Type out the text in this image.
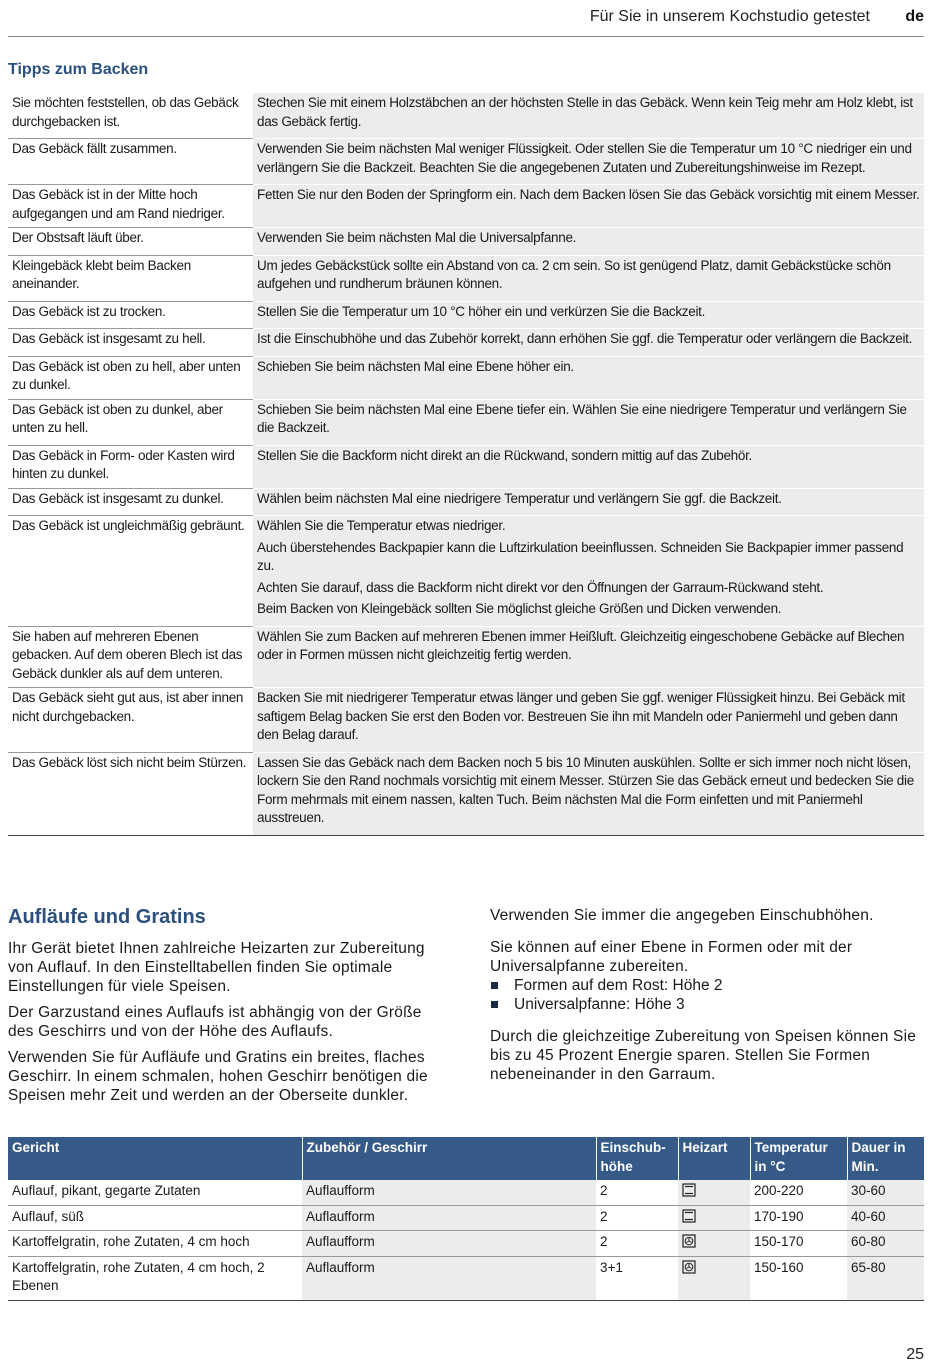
Für Sie in unserem Kochstudio getestet de
Tipps zum Backen
Sie möchten feststellen, ob das Gebäck durchgebacken ist.	Stechen Sie mit einem Holzstäbchen an der höchsten Stelle in das Gebäck. Wenn kein Teig mehr am Holz klebt, ist das Gebäck fertig.

Das Gebäck fällt zusammen.	Verwenden Sie beim nächsten Mal weniger Flüssigkeit. Oder stellen Sie die Temperatur um 10 °C niedriger ein und verlängern Sie die Backzeit. Beachten Sie die angegebenen Zutaten und Zubereitungshinweise im Rezept.

Das Gebäck ist in der Mitte hoch aufgegangen und am Rand niedriger.	Fetten Sie nur den Boden der Springform ein. Nach dem Backen lösen Sie das Gebäck vorsichtig mit einem Messer.

Der Obstsaft läuft über.	Verwenden Sie beim nächsten Mal die Universalpfanne.

Kleingebäck klebt beim Backen aneinander.	Um jedes Gebäckstück sollte ein Abstand von ca. 2 cm sein. So ist genügend Platz, damit Gebäckstücke schön aufgehen und rundherum bräunen können.

Das Gebäck ist zu trocken.	Stellen Sie die Temperatur um 10 °C höher ein und verkürzen Sie die Backzeit.

Das Gebäck ist insgesamt zu hell.	Ist die Einschubhöhe und das Zubehör korrekt, dann erhöhen Sie ggf. die Temperatur oder verlängern die Backzeit.

Das Gebäck ist oben zu hell, aber unten zu dunkel.	Schieben Sie beim nächsten Mal eine Ebene höher ein.

Das Gebäck ist oben zu dunkel, aber unten zu hell.	Schieben Sie beim nächsten Mal eine Ebene tiefer ein. Wählen Sie eine niedrigere Temperatur und verlängern Sie die Backzeit.

Das Gebäck in Form- oder Kasten wird hinten zu dunkel.	Stellen Sie die Backform nicht direkt an die Rückwand, sondern mittig auf das Zubehör.

Das Gebäck ist insgesamt zu dunkel.	Wählen beim nächsten Mal eine niedrigere Temperatur und verlängern Sie ggf. die Backzeit.

Das Gebäck ist ungleichmäßig gebräunt.	Wählen Sie die Temperatur etwas niedriger.

Auch überstehendes Backpapier kann die Luftzirkulation beeinflussen. Schneiden Sie Backpapier immer passend zu.

Achten Sie darauf, dass die Backform nicht direkt vor den Öffnungen der Garraum-Rückwand steht.

Beim Backen von Kleingebäck sollten Sie möglichst gleiche Größen und Dicken verwenden.

Sie haben auf mehreren Ebenen gebacken. Auf dem oberen Blech ist das Gebäck dunkler als auf dem unteren.	Wählen Sie zum Backen auf mehreren Ebenen immer Heißluft. Gleichzeitig eingeschobene Gebäcke auf Blechen oder in Formen müssen nicht gleichzeitig fertig werden.

Das Gebäck sieht gut aus, ist aber innen nicht durchgebacken.	Backen Sie mit niedrigerer Temperatur etwas länger und geben Sie ggf. weniger Flüssigkeit hinzu. Bei Gebäck mit saftigem Belag backen Sie erst den Boden vor. Bestreuen Sie ihn mit Mandeln oder Paniermehl und geben dann den Belag darauf.

Das Gebäck löst sich nicht beim Stürzen.	Lassen Sie das Gebäck nach dem Backen noch 5 bis 10 Minuten auskühlen. Sollte er sich immer noch nicht lösen, lockern Sie den Rand nochmals vorsichtig mit einem Messer. Stürzen Sie das Gebäck erneut und bedecken Sie die Form mehrmals mit einem nassen, kalten Tuch. Beim nächsten Mal die Form einfetten und mit Paniermehl ausstreuen.

Aufläufe und Gratins

Ihr Gerät bietet Ihnen zahlreiche Heizarten zur Zubereitung von Auflauf. In den Einstelltabellen finden Sie optimale Einstellungen für viele Speisen.

Der Garzustand eines Auflaufs ist abhängig von der Größe des Geschirrs und von der Höhe des Auflaufs.

Verwenden Sie für Aufläufe und Gratins ein breites, flaches Geschirr. In einem schmalen, hohen Geschirr benötigen die Speisen mehr Zeit und werden an der Oberseite dunkler.

Verwenden Sie immer die angegeben Einschubhöhen.

Sie können auf einer Ebene in Formen oder mit der Universalpfanne zubereiten.

Formen auf dem Rost: Höhe 2
Universalpfanne: Höhe 3

Durch die gleichzeitige Zubereitung von Speisen können Sie bis zu 45 Prozent Energie sparen. Stellen Sie Formen nebeneinander in den Garraum.

Gericht	Zubehör / Geschirr	Einschub-
höhe	Heizart	Temperatur in °C	Dauer in Min.
Auflauf, pikant, gegarte Zutaten	Auflaufform	2		200-220	30-60
Auflauf, süß	Auflaufform	2		170-190	40-60
Kartoffelgratin, rohe Zutaten, 4 cm hoch	Auflaufform	2		150-170	60-80
Kartoffelgratin, rohe Zutaten, 4 cm hoch, 2 Ebenen	Auflaufform	3+1		150-160	65-80
25
